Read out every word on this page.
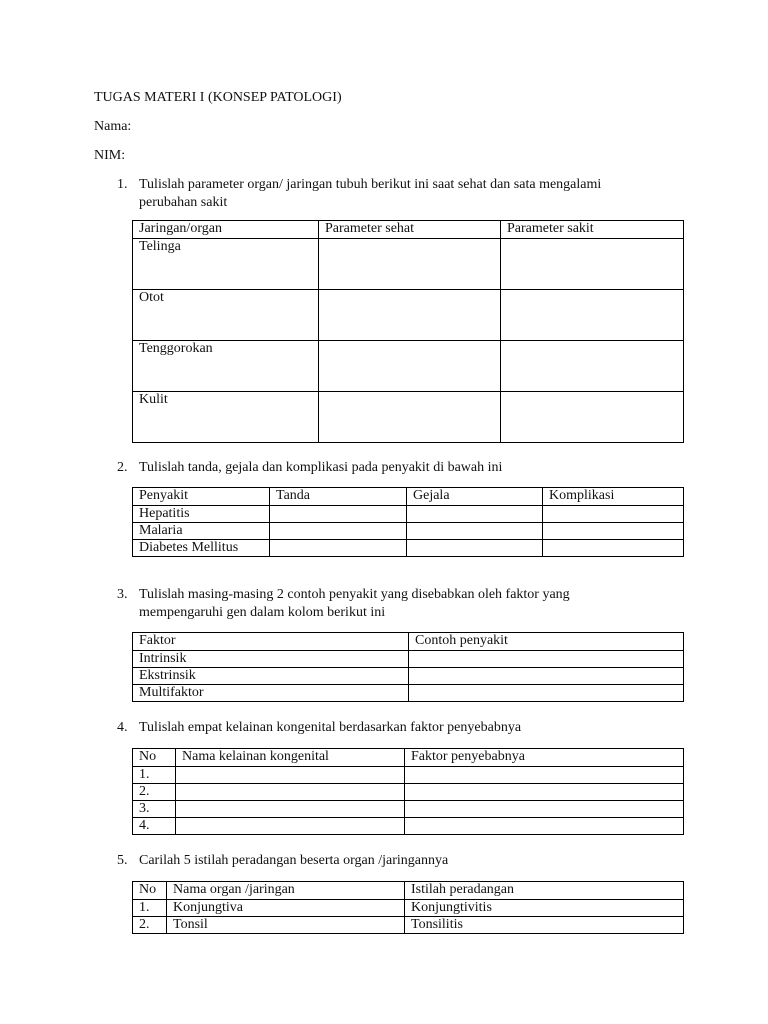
TUGAS MATERI I (KONSEP PATOLOGI)
Nama:
NIM:
1. Tulislah parameter organ/ jaringan tubuh berikut ini saat sehat dan sata mengalami
perubahan sakit
Jaringan/organ	Parameter sehat	Parameter sakit
Telinga		
Otot		
Tenggorokan		
Kulit		
2. Tulislah tanda, gejala dan komplikasi pada penyakit di bawah ini
Penyakit	Tanda	Gejala	Komplikasi
Hepatitis			
Malaria			
Diabetes Mellitus			
3. Tulislah masing-masing 2 contoh penyakit yang disebabkan oleh faktor yang
mempengaruhi gen dalam kolom berikut ini
Faktor	Contoh penyakit
Intrinsik	
Ekstrinsik	
Multifaktor	
4. Tulislah empat kelainan kongenital berdasarkan faktor penyebabnya
No	Nama kelainan kongenital	Faktor penyebabnya
1.		
2.		
3.		
4.		
5. Carilah 5 istilah peradangan beserta organ /jaringannya
No	Nama organ /jaringan	Istilah peradangan
1.	Konjungtiva	Konjungtivitis
2.	Tonsil	Tonsilitis
